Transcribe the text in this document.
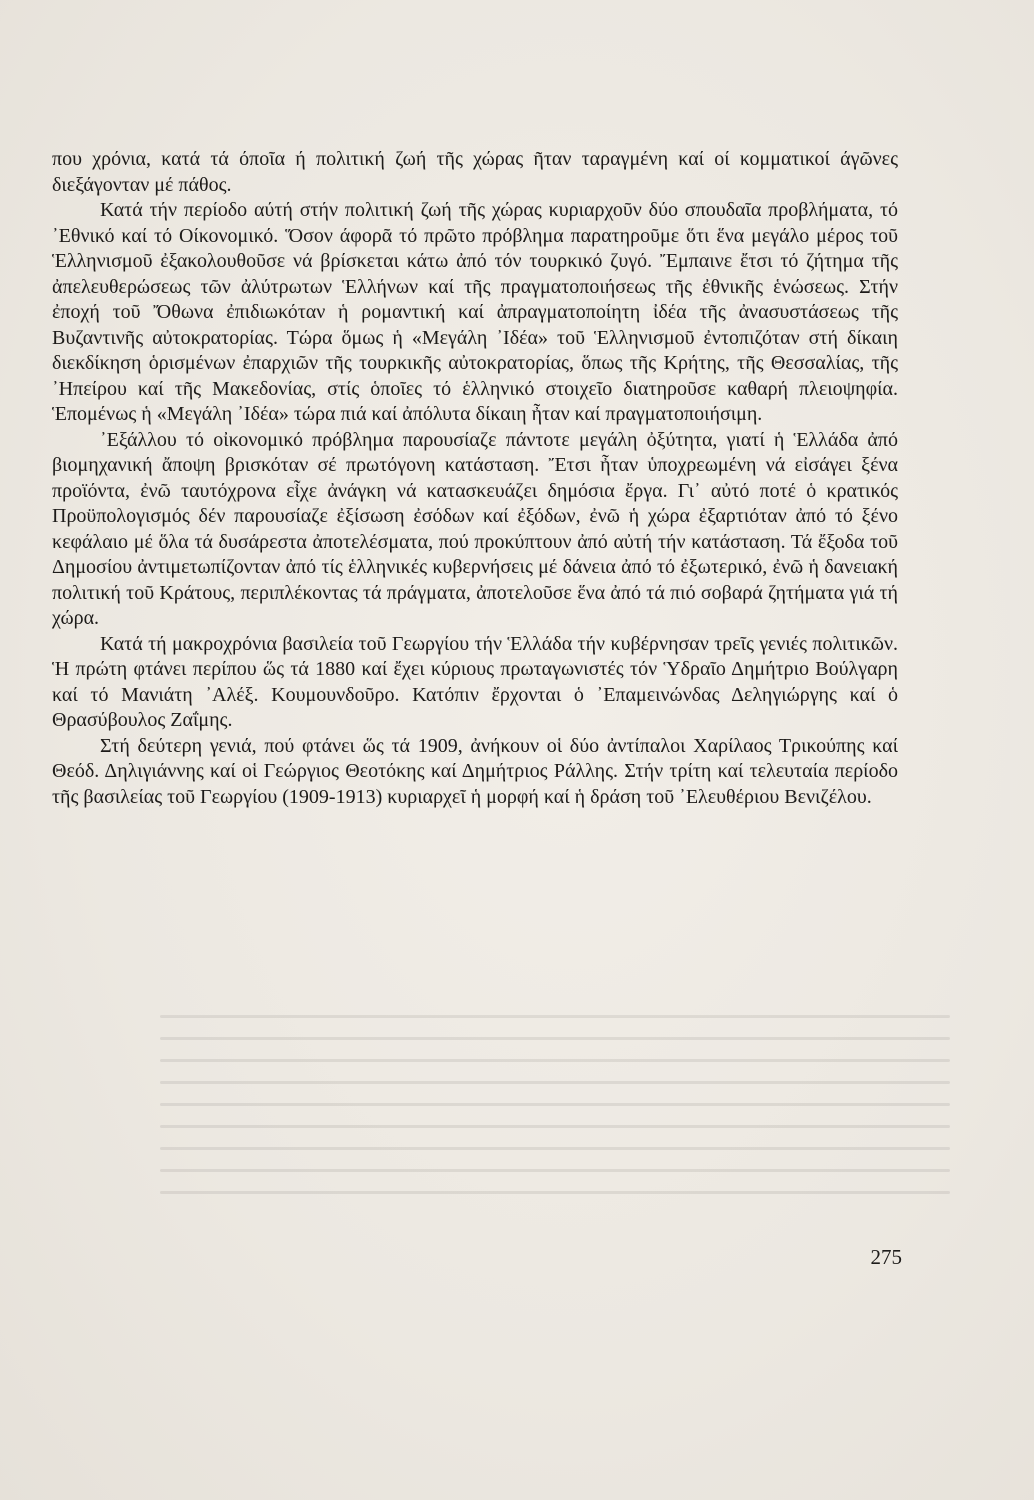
που χρόνια, κατά τά όποῖα ή πολιτική ζωή τῆς χώρας ῆταν ταραγμένη καί οί κομματικοί άγῶνες διεξάγονταν μέ πάθος.

Κατά τήν περίοδο αύτή στήν πολιτική ζωή τῆς χώρας κυριαρχοῦν δύο σπουδαῖα προβλήματα, τό ᾿Εθνικό καί τό Οίκονομικό. Ὅσον άφορᾶ τό πρῶτο πρόβλημα παρατηροῦμε ὅτι ἕνα μεγάλο μέρος τοῦ Ἑλληνισμοῦ ἐξακολουθοῦσε νά βρίσκεται κάτω ἀπό τόν τουρκικό ζυγό. Ἔμπαινε ἔτσι τό ζήτημα τῆς ἀπελευθερώσεως τῶν ἀλύτρωτων Ἑλλήνων καί τῆς πραγματοποιήσεως τῆς ἐθνικῆς ἑνώσεως. Στήν ἐποχή τοῦ Ὄθωνα ἐπιδιωκόταν ἡ ρομαντική καί ἀπραγματοποίητη ἰδέα τῆς ἀνασυστάσεως τῆς Βυζαντινῆς αὐτοκρατορίας. Τώρα ὅμως ἡ «Μεγάλη ᾿Ιδέα» τοῦ Ἑλληνισμοῦ ἐντοπιζόταν στή δίκαιη διεκδίκηση ὁρισμένων ἐπαρχιῶν τῆς τουρκικῆς αὐτοκρατορίας, ὅπως τῆς Κρήτης, τῆς Θεσσαλίας, τῆς ᾿Ηπείρου καί τῆς Μακεδονίας, στίς ὁποῖες τό ἑλληνικό στοιχεῖο διατηροῦσε καθαρή πλειοψηφία. Ἑπομένως ἡ «Μεγάλη ᾿Ιδέα» τώρα πιά καί ἀπόλυτα δίκαιη ἦταν καί πραγματοποιήσιμη.

᾿Εξάλλου τό οἰκονομικό πρόβλημα παρουσίαζε πάντοτε μεγάλη ὀξύτητα, γιατί ἡ Ἑλλάδα ἀπό βιομηχανική ἄποψη βρισκόταν σέ πρωτόγονη κατάσταση. Ἔτσι ἦταν ὑποχρεωμένη νά εἰσάγει ξένα προϊόντα, ἐνῶ ταυτόχρονα εἶχε ἀνάγκη νά κατασκευάζει δημόσια ἔργα. Γι᾿ αὐτό ποτέ ὁ κρατικός Προϋπολογισμός δέν παρουσίαζε ἐξίσωση ἐσόδων καί ἐξόδων, ἐνῶ ἡ χώρα ἐξαρτιόταν ἀπό τό ξένο κεφάλαιο μέ ὅλα τά δυσάρεστα ἀποτελέσματα, πού προκύπτουν ἀπό αὐτή τήν κατάσταση. Τά ἔξοδα τοῦ Δημοσίου ἀντιμετωπίζονταν ἀπό τίς ἑλληνικές κυβερνήσεις μέ δάνεια ἀπό τό ἐξωτερικό, ἐνῶ ἡ δανειακή πολιτική τοῦ Κράτους, περιπλέκοντας τά πράγματα, ἀποτελοῦσε ἕνα ἀπό τά πιό σοβαρά ζητήματα γιά τή χώρα.

Κατά τή μακροχρόνια βασιλεία τοῦ Γεωργίου τήν Ἑλλάδα τήν κυβέρνησαν τρεῖς γενιές πολιτικῶν. Ἡ πρώτη φτάνει περίπου ὥς τά 1880 καί ἔχει κύριους πρωταγωνιστές τόν Ὑδραῖο Δημήτριο Βούλγαρη καί τό Μανιάτη ᾿Αλέξ. Κουμουνδοῦρο. Κατόπιν ἔρχονται ὁ ᾿Επαμεινώνδας Δεληγιώργης καί ὁ Θρασύβουλος Ζαΐμης.

Στή δεύτερη γενιά, πού φτάνει ὥς τά 1909, ἀνήκουν οἱ δύο ἀντίπαλοι Χαρίλαος Τρικούπης καί Θεόδ. Δηλιγιάννης καί οἱ Γεώργιος Θεοτόκης καί Δημήτριος Ράλλης. Στήν τρίτη καί τελευταία περίοδο τῆς βασιλείας τοῦ Γεωργίου (1909-1913) κυριαρχεῖ ἡ μορφή καί ἡ δράση τοῦ ᾿Ελευθέριου Βενιζέλου.

275
